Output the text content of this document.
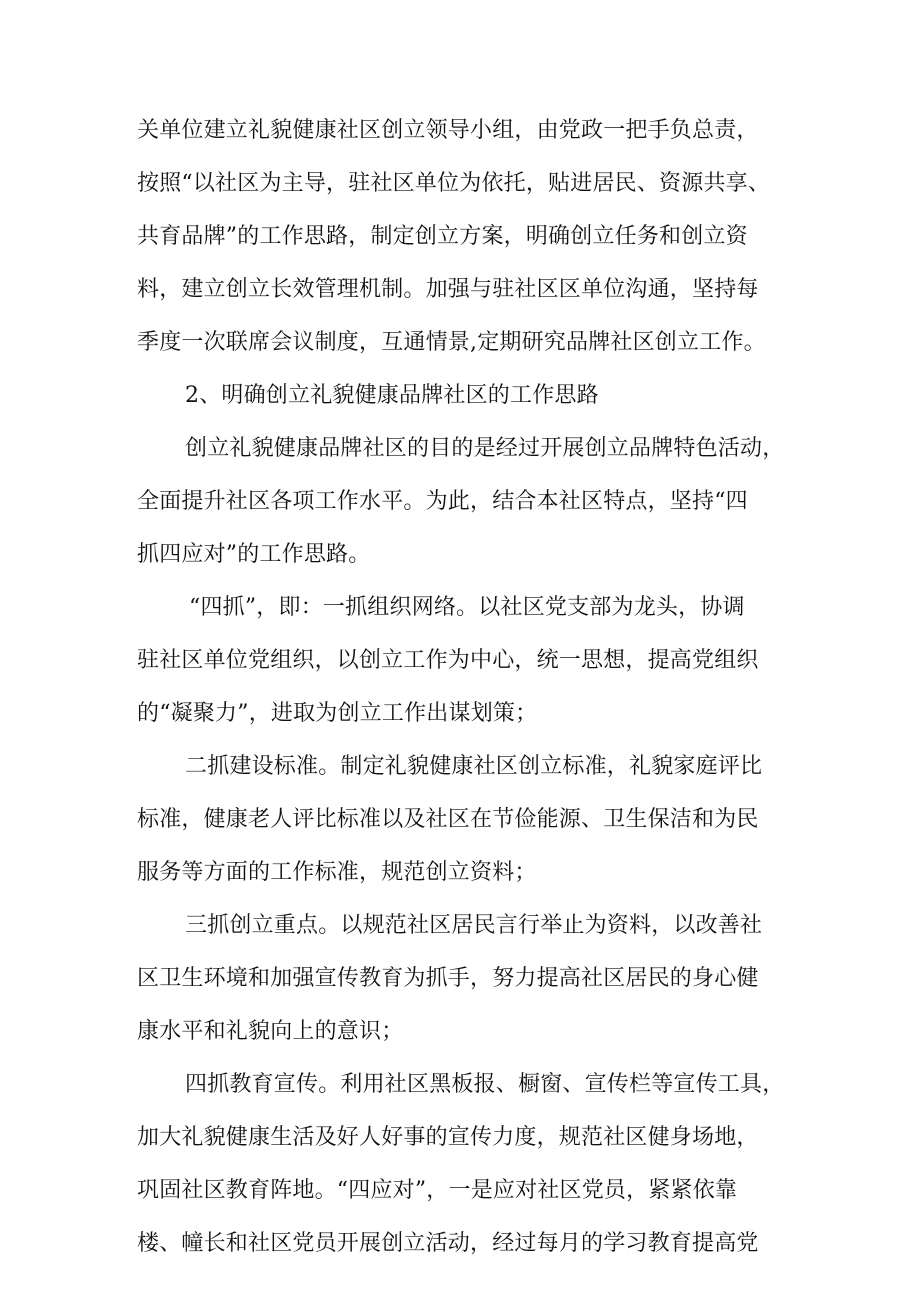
关单位建立礼貌健康社区创立领导小组，由党政一把手负总责，
按照“以社区为主导，驻社区单位为依托，贴进居民、资源共享、
共育品牌”的工作思路，制定创立方案，明确创立任务和创立资
料，建立创立长效管理机制。加强与驻社区区单位沟通，坚持每
季度一次联席会议制度，互通情景,定期研究品牌社区创立工作。
2、明确创立礼貌健康品牌社区的工作思路
创立礼貌健康品牌社区的目的是经过开展创立品牌特色活动，
全面提升社区各项工作水平。为此，结合本社区特点，坚持“四
抓四应对”的工作思路。
“四抓”，即：一抓组织网络。以社区党支部为龙头，协调
驻社区单位党组织，以创立工作为中心，统一思想，提高党组织
的“凝聚力”，进取为创立工作出谋划策；
二抓建设标准。制定礼貌健康社区创立标准，礼貌家庭评比
标准，健康老人评比标准以及社区在节俭能源、卫生保洁和为民
服务等方面的工作标准，规范创立资料；
三抓创立重点。以规范社区居民言行举止为资料，以改善社
区卫生环境和加强宣传教育为抓手，努力提高社区居民的身心健
康水平和礼貌向上的意识；
四抓教育宣传。利用社区黑板报、橱窗、宣传栏等宣传工具，
加大礼貌健康生活及好人好事的宣传力度，规范社区健身场地，
巩固社区教育阵地。“四应对”，一是应对社区党员，紧紧依靠
楼、幢长和社区党员开展创立活动，经过每月的学习教育提高党
